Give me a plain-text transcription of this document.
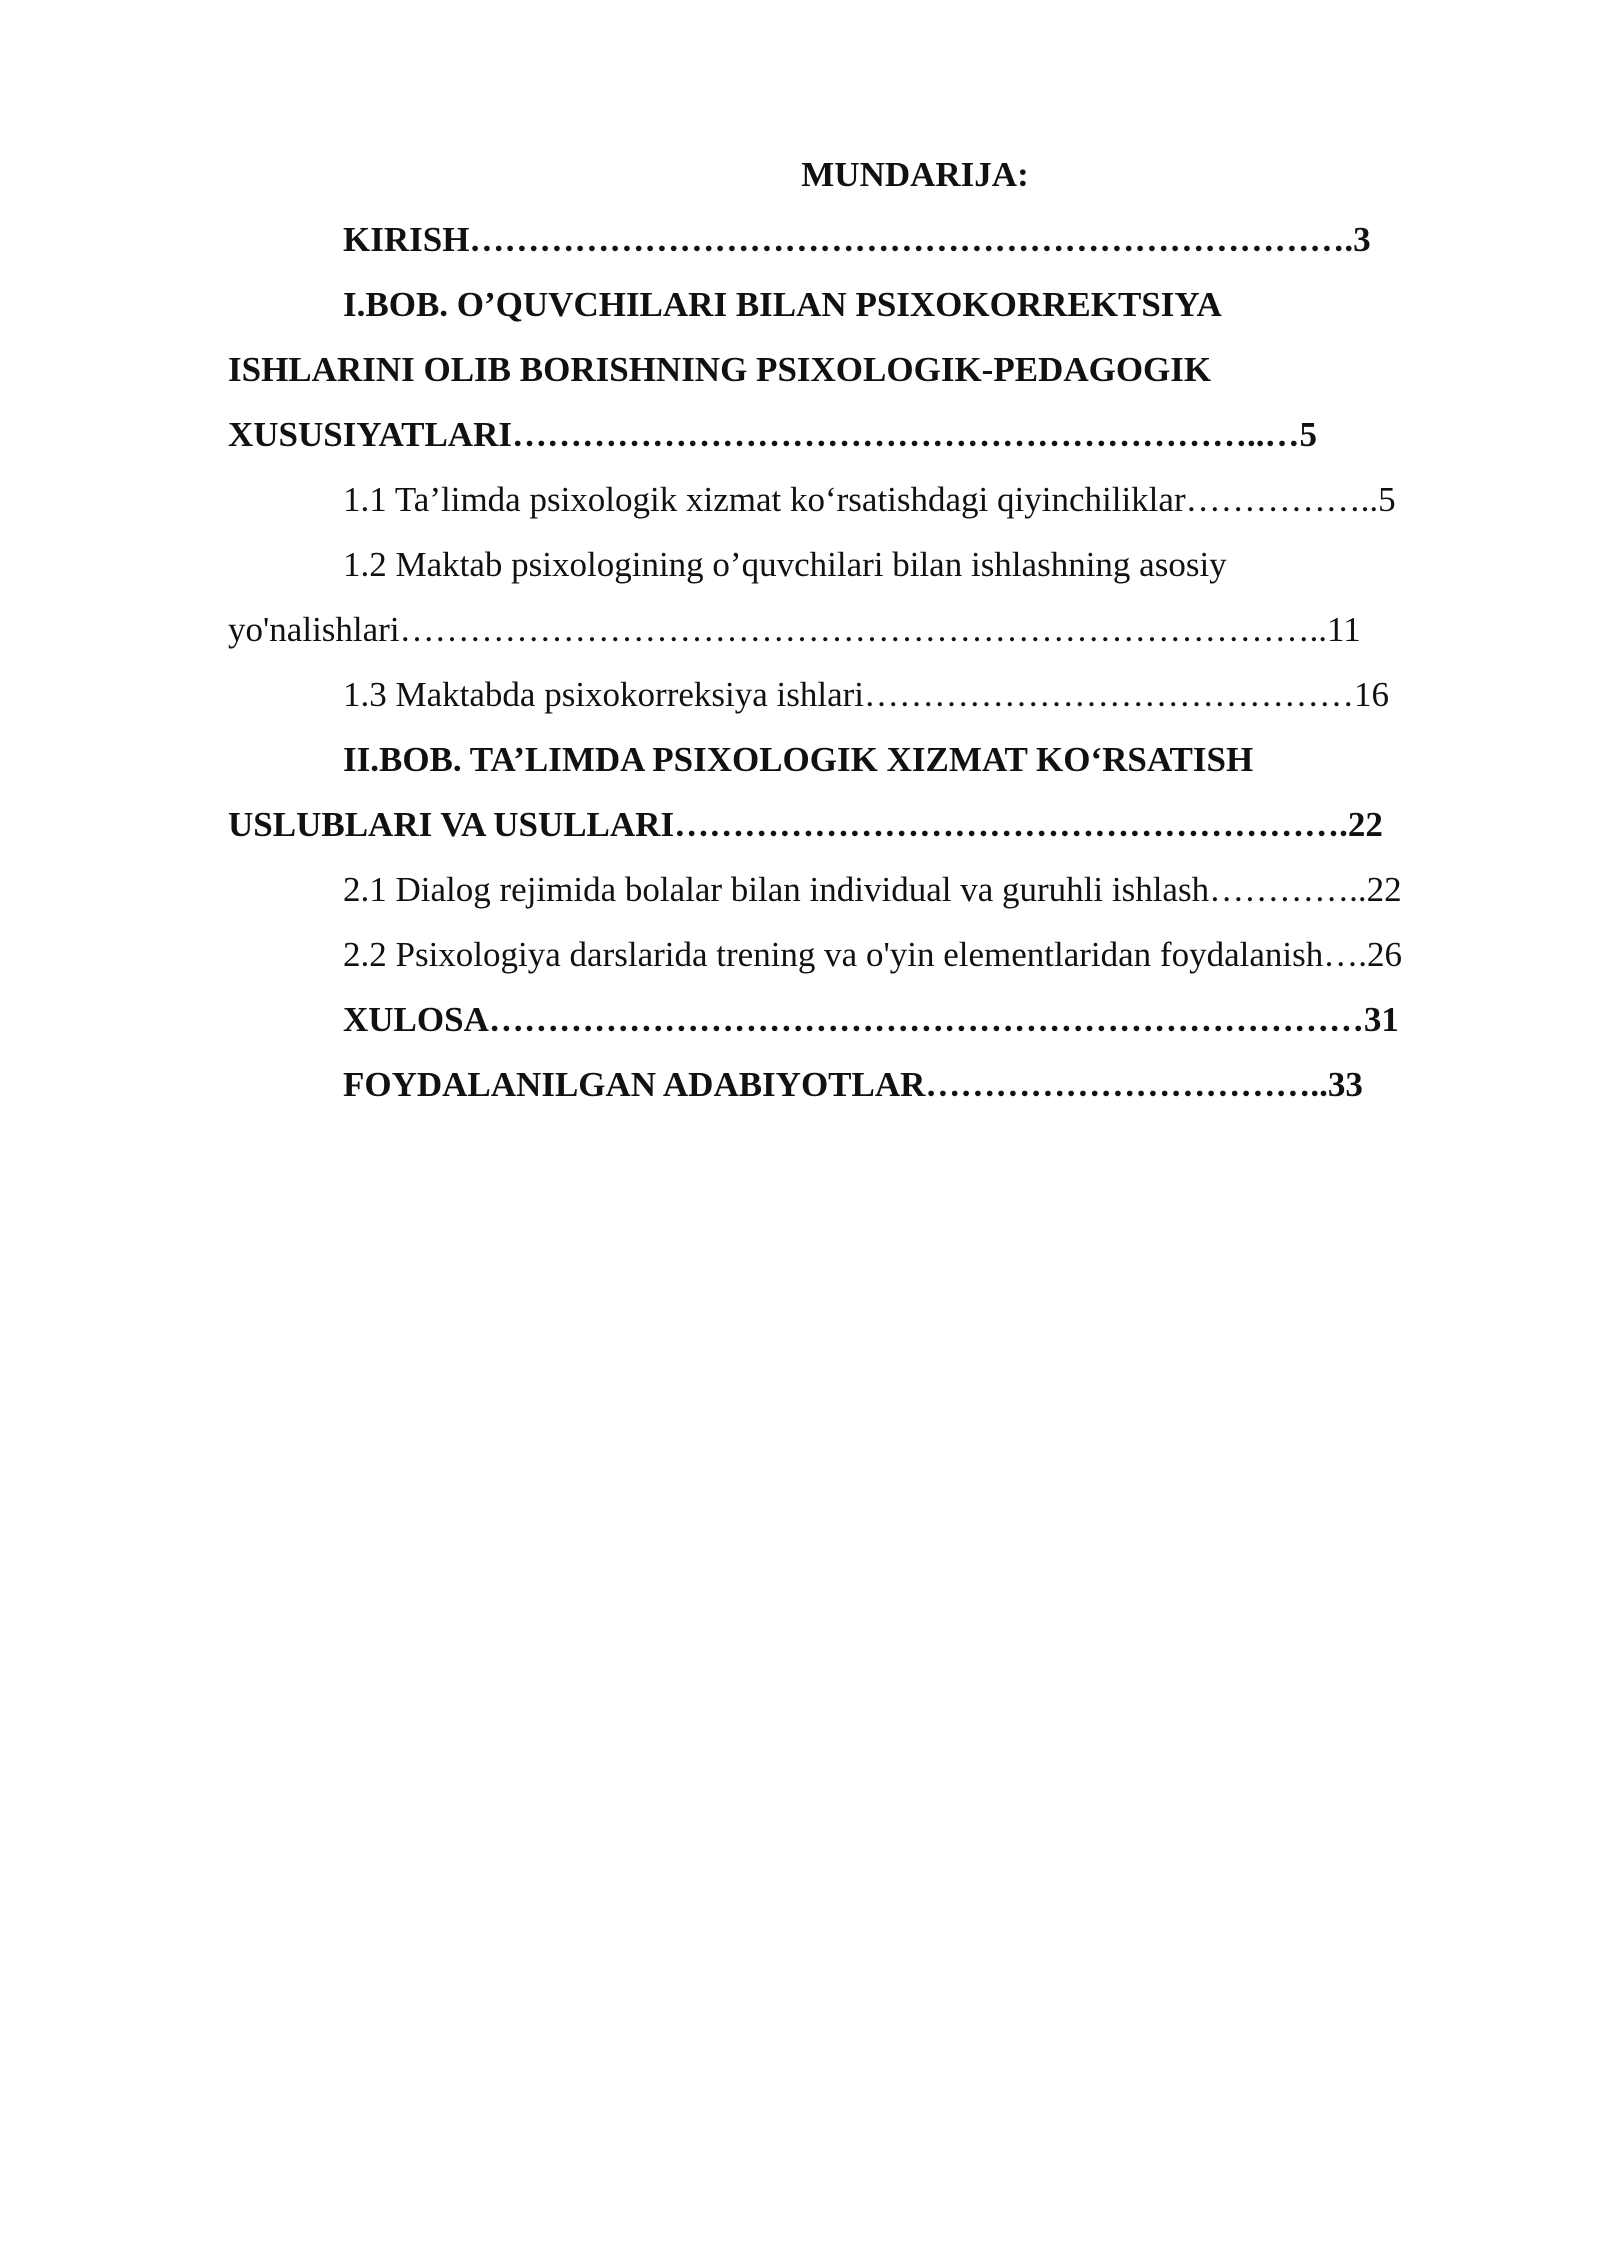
MUNDARIJA:
KIRISH………………………………………………………………….3
I.BOB. O’QUVCHILARI BILAN PSIXOKORREKTSIYA
ISHLARINI OLIB BORISHNING PSIXOLOGIK-PEDAGOGIK
XUSUSIYATLARI………………………………………………………..…5
1.1 Ta’limda psixologik xizmat ko‘rsatishdagi qiyinchiliklar……………..5
1.2 Maktab psixologining o’quvchilari bilan ishlashning asosiy
yo'nalishlari……………………………………………………………………..11
1.3 Maktabda psixokorreksiya ishlari……………………………………16
II.BOB. TA’LIMDA PSIXOLOGIK XIZMAT KO‘RSATISH
USLUBLARI VA USULLARI………………………………………………….22
2.1 Dialog rejimida bolalar bilan individual va guruhli ishlash…………..22
2.2 Psixologiya darslarida trening va o'yin elementlaridan foydalanish….26
XULOSA…………………………………………………………………31
FOYDALANILGAN ADABIYOTLAR……………………………..33
